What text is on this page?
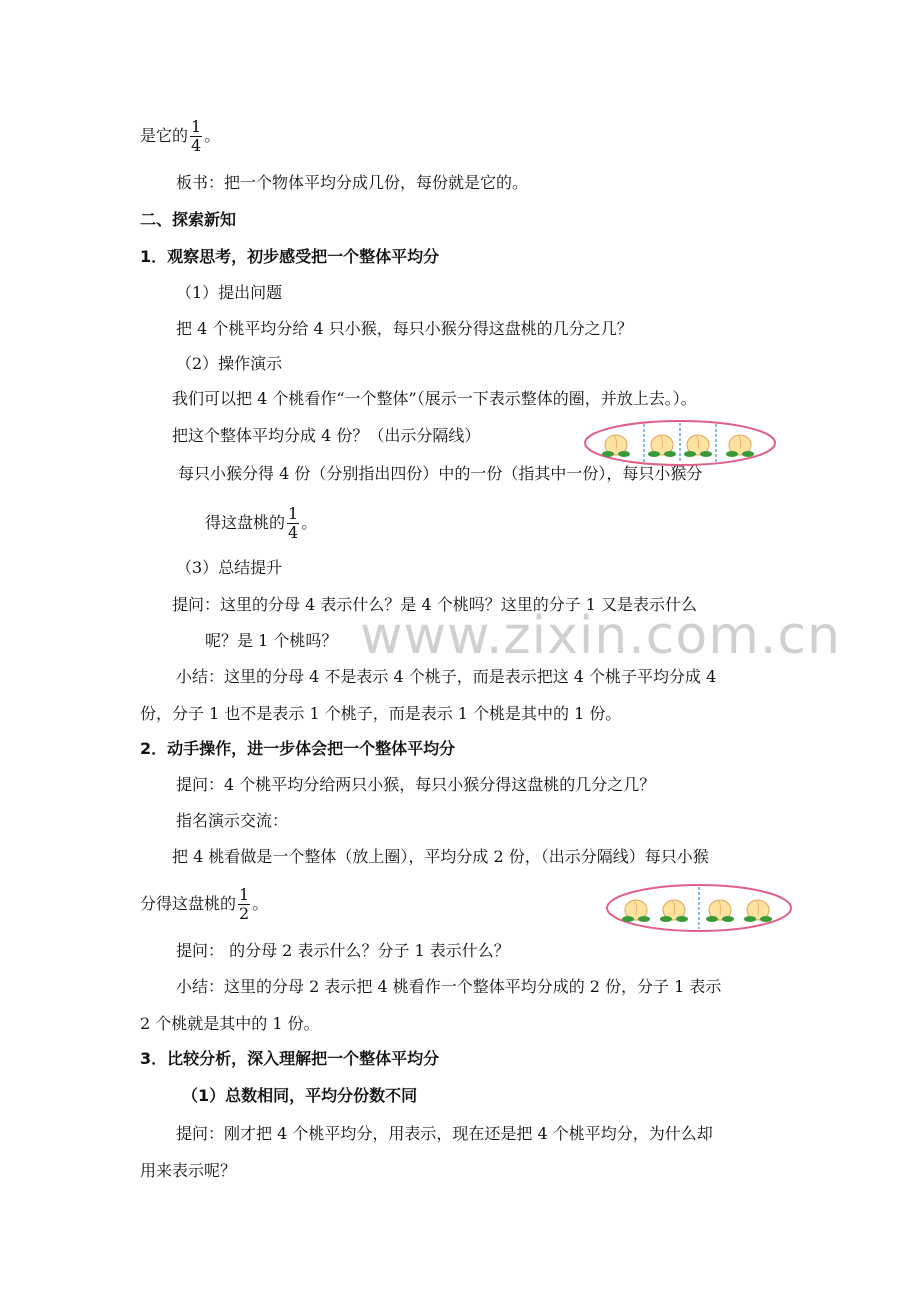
是它的 $\frac{1}{4}$ 。
板书：把一个物体平均分成几份，每份就是它的。
二、探索新知
1．观察思考，初步感受把一个整体平均分
（1）提出问题
把 4 个桃平均分给 4 只小猴，每只小猴分得这盘桃的几分之几？
（2）操作演示
我们可以把 4 个桃看作“一个整体”（展示一下表示整体的圈，并放上去。）。
把这个整体平均分成 4 份？（出示分隔线）
每只小猴分得 4 份（分别指出四份）中的一份（指其中一份），每只小猴分
得这盘桃的 $\frac{1}{4}$ 。
（3）总结提升
提问：这里的分母 4 表示什么？是 4 个桃吗？这里的分子 1 又是表示什么
呢？是 1 个桃吗？
小结：这里的分母 4 不是表示 4 个桃子，而是表示把这 4 个桃子平均分成 4
份，分子 1 也不是表示 1 个桃子，而是表示 1 个桃是其中的 1 份。
2．动手操作，进一步体会把一个整体平均分
提问：4 个桃平均分给两只小猴，每只小猴分得这盘桃的几分之几？
指名演示交流：
把 4 桃看做是一个整体（放上圈），平均分成 2 份，（出示分隔线）每只小猴
分得这盘桃的 $\frac{1}{2}$ 。
提问： 的分母 2 表示什么？分子 1 表示什么？
小结：这里的分母 2 表示把 4 桃看作一个整体平均分成的 2 份，分子 1 表示
2 个桃就是其中的 1 份。
3．比较分析，深入理解把一个整体平均分
（1）总数相同，平均分份数不同
提问：刚才把 4 个桃平均分，用表示，现在还是把 4 个桃平均分，为什么却
用来表示呢？
www.zixin.com.cn
